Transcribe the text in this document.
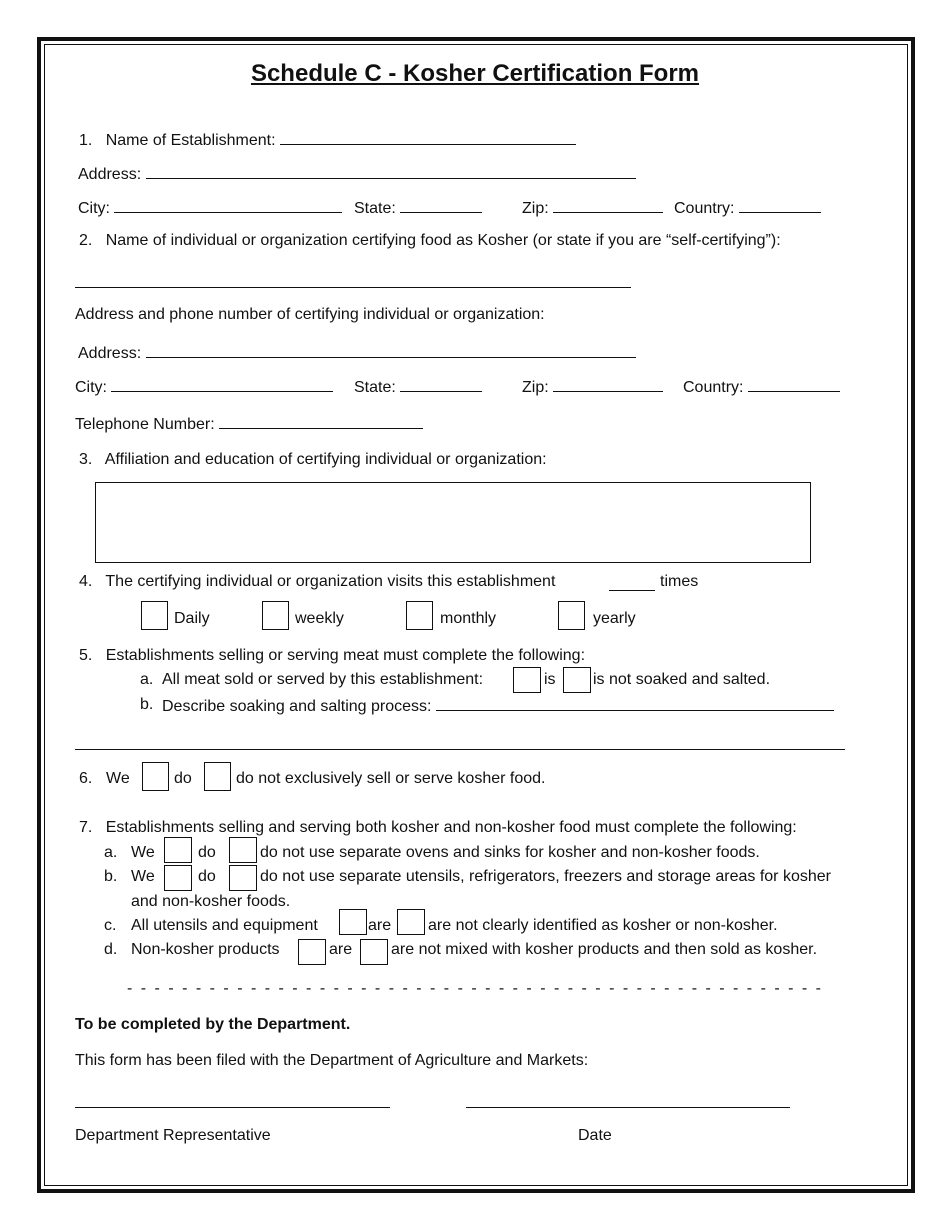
Schedule C - Kosher Certification Form
1. Name of Establishment:
Address:
City:	State:	Zip:	Country:
2. Name of individual or organization certifying food as Kosher (or state if you are “self-certifying”):
Address and phone number of certifying individual or organization:
Address:
City:	State:	Zip:	Country:
Telephone Number:
3. Affiliation and education of certifying individual or organization:
4. The certifying individual or organization visits this establishment	times
Daily	weekly	monthly	yearly
5. Establishments selling or serving meat must complete the following:
a. All meat sold or served by this establishment:	is is not soaked and salted.
b. Describe soaking and salting process:
6. We	do	do not exclusively sell or serve kosher food.
7. Establishments selling and serving both kosher and non-kosher food must complete the following:
a. We	do	do not use separate ovens and sinks for kosher and non-kosher foods.
b. We	do	do not use separate utensils, refrigerators, freezers and storage areas for kosher
and non-kosher foods.
c. All utensils and equipment	are are not clearly identified as kosher or non-kosher.
d. Non-kosher products	are are not mixed with kosher products and then sold as kosher.
- - - - - - - - - - - - - - - - - - - - - - - - - - - - - - - - - - - - - - - - - - - - - - - - - - -
To be completed by the Department.
This form has been filed with the Department of Agriculture and Markets:
Department Representative	Date
